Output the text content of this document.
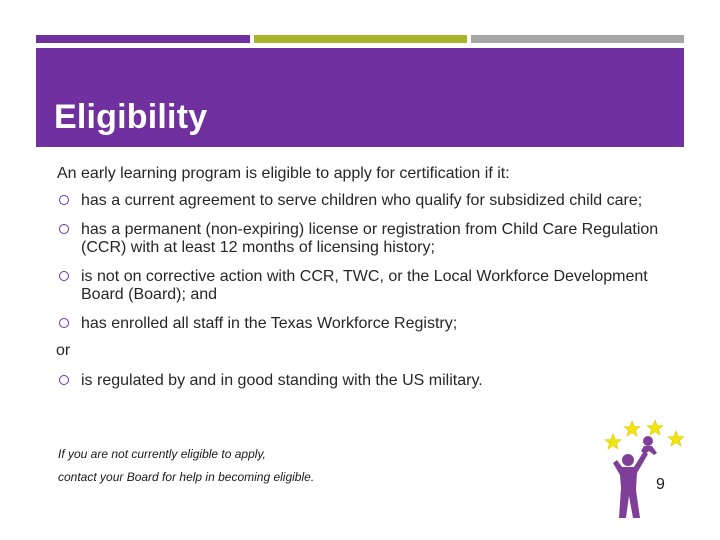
Eligibility

An early learning program is eligible to apply for certification if it:

has a current agreement to serve children who qualify for subsidized child care;
has a permanent (non-expiring) license or registration from Child Care Regulation (CCR) with at least 12 months of licensing history;
is not on corrective action with CCR, TWC, or the Local Workforce Development Board (Board); and
has enrolled all staff in the Texas Workforce Registry;
or
is regulated by and in good standing with the US military.

If you are not currently eligible to apply,

contact your Board for help in becoming eligible.	9
